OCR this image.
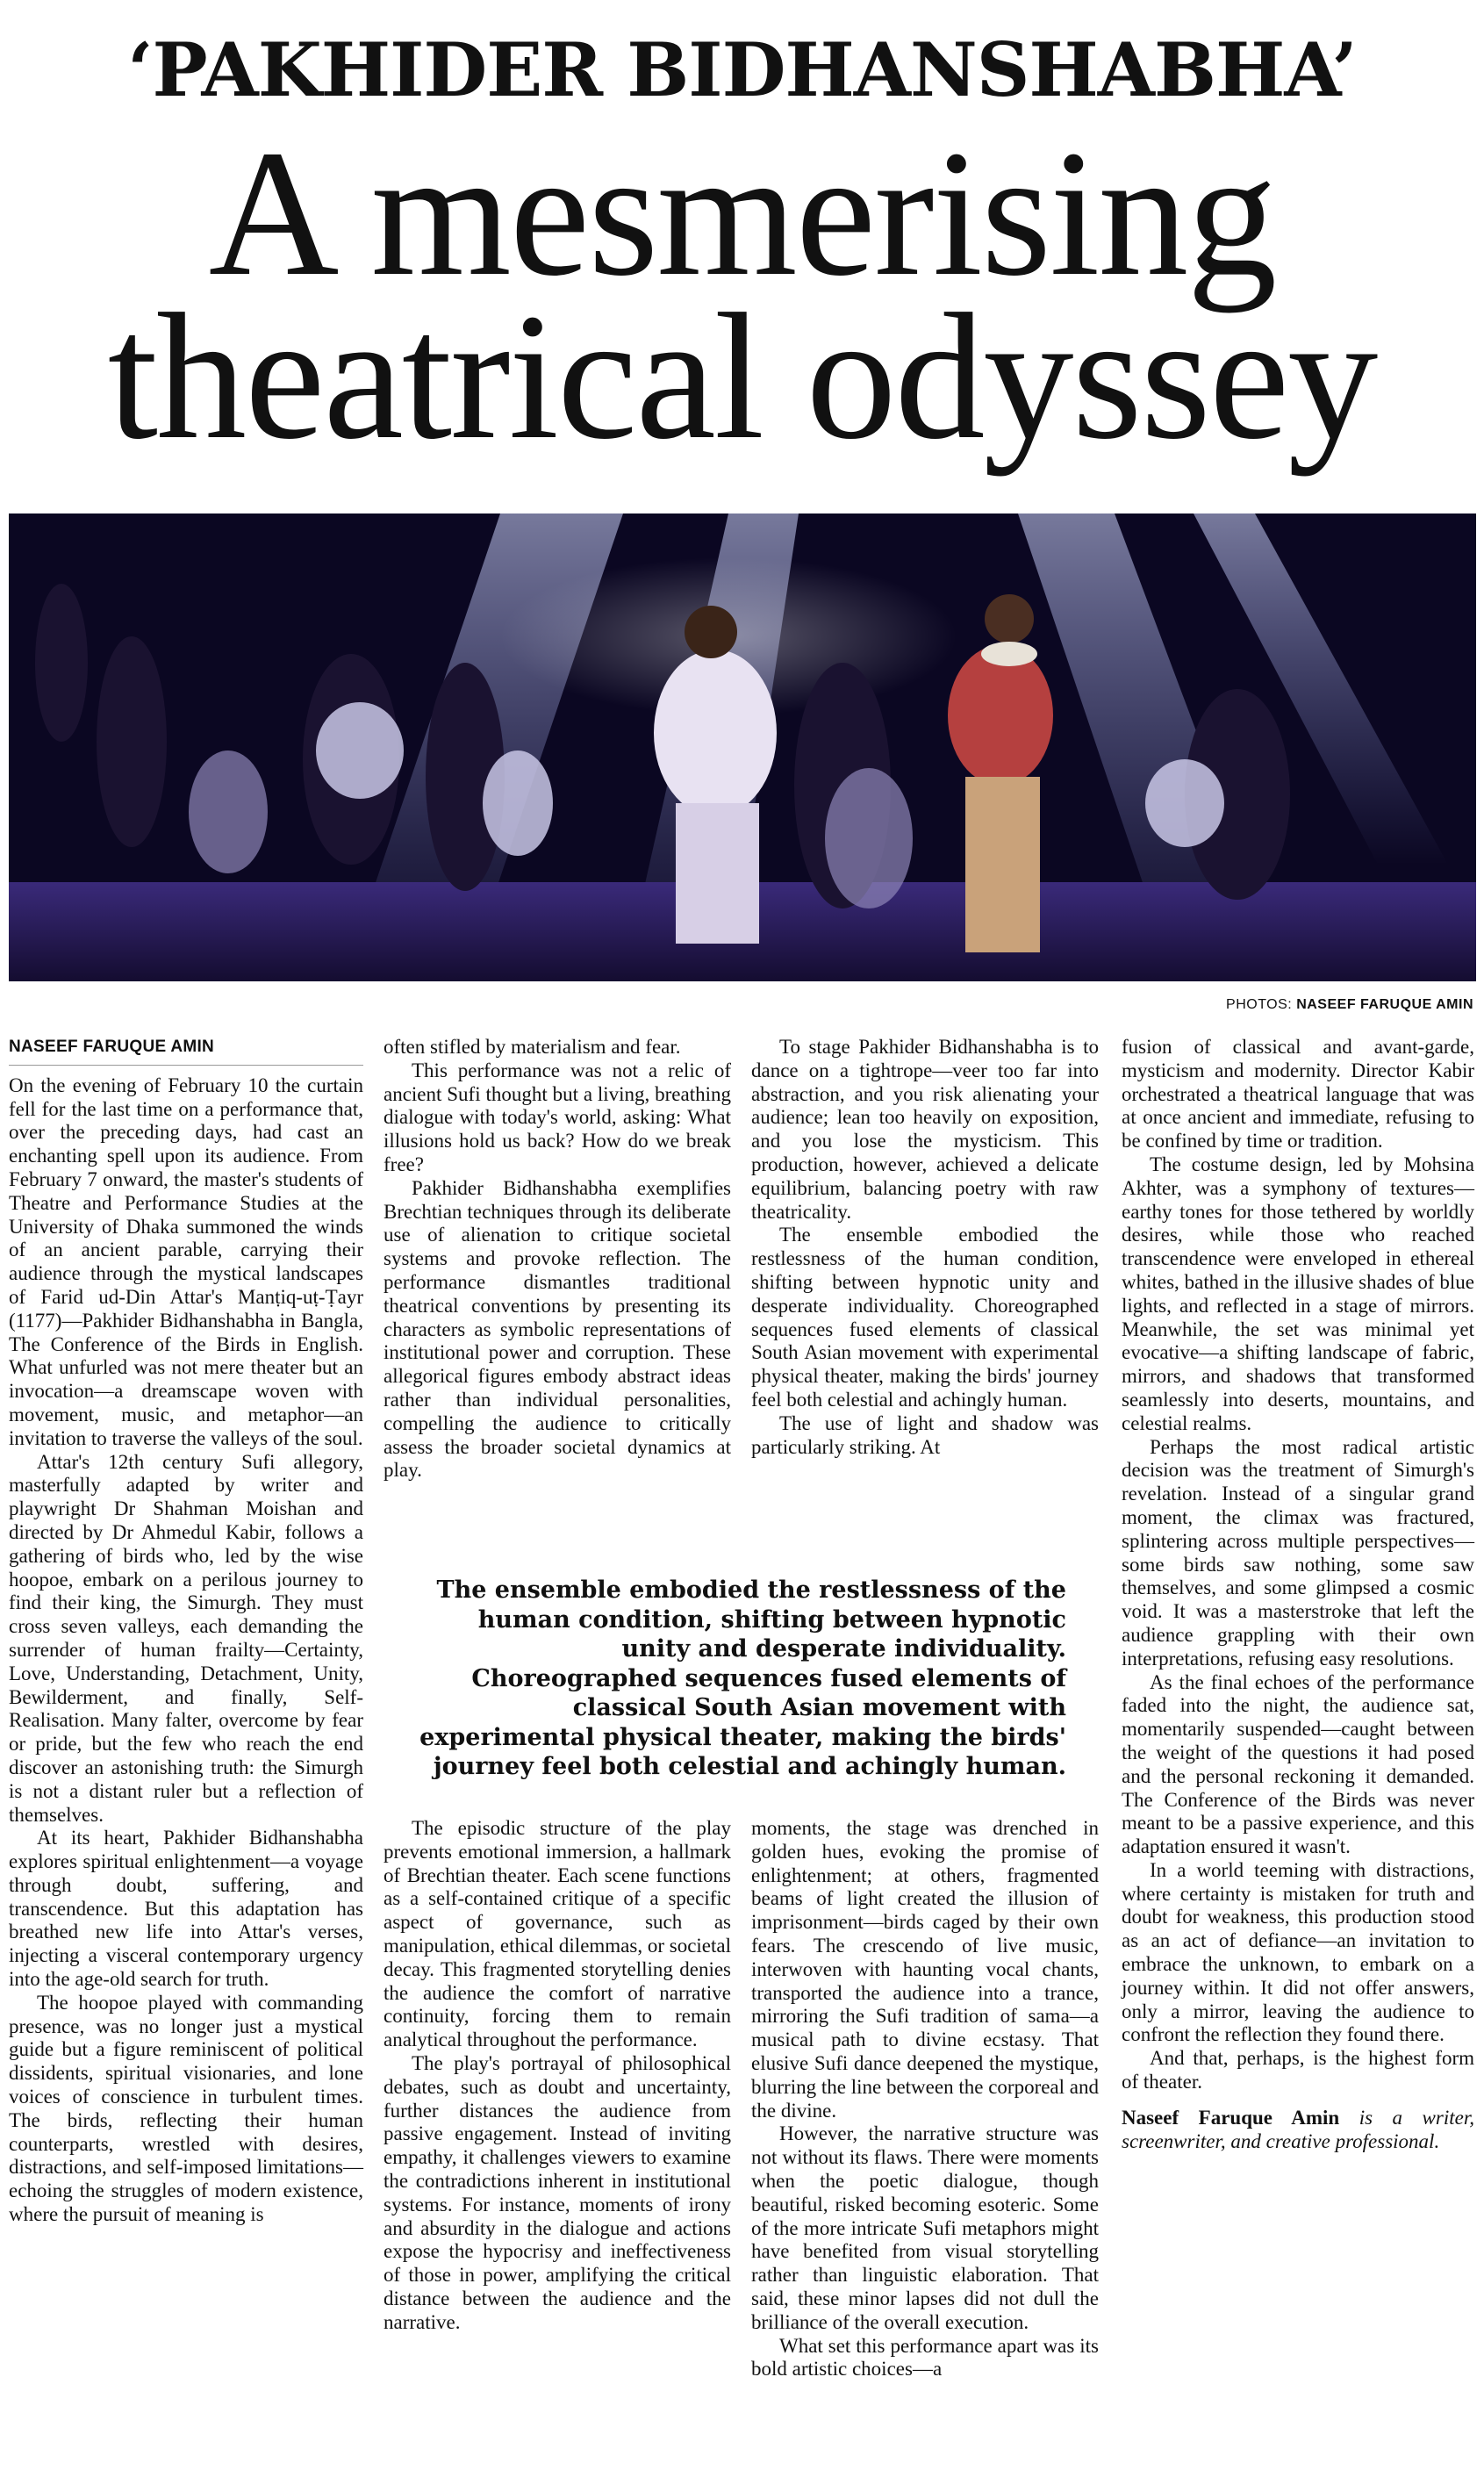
‘PAKHIDER BIDHANSHABHA’
A mesmerising
theatrical odyssey
PHOTOS: NASEEF FARUQUE AMIN
NASEEF FARUQUE AMIN

On the evening of February 10 the curtain fell for the last time on a performance that, over the preceding days, had cast an enchanting spell upon its audience. From February 7 onward, the master's students of Theatre and Performance Studies at the University of Dhaka summoned the winds of an ancient parable, carrying their audience through the mystical landscapes of Farid ud-Din Attar's Manṭiq-uṭ-Ṭayr (1177)—Pakhider Bidhanshabha in Bangla, The Conference of the Birds in English. What unfurled was not mere theater but an invocation—a dreamscape woven with movement, music, and metaphor—an invitation to traverse the valleys of the soul.

Attar's 12th century Sufi allegory, masterfully adapted by writer and playwright Dr Shahman Moishan and directed by Dr Ahmedul Kabir, follows a gathering of birds who, led by the wise hoopoe, embark on a perilous journey to find their king, the Simurgh. They must cross seven valleys, each demanding the surrender of human frailty—Certainty, Love, Understanding, Detachment, Unity, Bewilderment, and finally, Self-Realisation. Many falter, overcome by fear or pride, but the few who reach the end discover an astonishing truth: the Simurgh is not a distant ruler but a reflection of themselves.

At its heart, Pakhider Bidhanshabha explores spiritual enlightenment—a voyage through doubt, suffering, and transcendence. But this adaptation has breathed new life into Attar's verses, injecting a visceral contemporary urgency into the age-old search for truth.

The hoopoe played with commanding presence, was no longer just a mystical guide but a figure reminiscent of political dissidents, spiritual visionaries, and lone voices of conscience in turbulent times. The birds, reflecting their human counterparts, wrestled with desires, distractions, and self-imposed limitations—echoing the struggles of modern existence, where the pursuit of meaning is

often stifled by materialism and fear.

This performance was not a relic of ancient Sufi thought but a living, breathing dialogue with today's world, asking: What illusions hold us back? How do we break free?

Pakhider Bidhanshabha exemplifies Brechtian techniques through its deliberate use of alienation to critique societal systems and provoke reflection. The performance dismantles traditional theatrical conventions by presenting its characters as symbolic representations of institutional power and corruption. These allegorical figures embody abstract ideas rather than individual personalities, compelling the audience to critically assess the broader societal dynamics at play.

To stage Pakhider Bidhanshabha is to dance on a tightrope—veer too far into abstraction, and you risk alienating your audience; lean too heavily on exposition, and you lose the mysticism. This production, however, achieved a delicate equilibrium, balancing poetry with raw theatricality.

The ensemble embodied the restlessness of the human condition, shifting between hypnotic unity and desperate individuality. Choreographed sequences fused elements of classical South Asian movement with experimental physical theater, making the birds' journey feel both celestial and achingly human.

The use of light and shadow was particularly striking. At

The ensemble embodied the restlessness of the human condition, shifting between hypnotic unity and desperate individuality. Choreographed sequences fused elements of classical South Asian movement with experimental physical theater, making the birds' journey feel both celestial and achingly human.

The episodic structure of the play prevents emotional immersion, a hallmark of Brechtian theater. Each scene functions as a self-contained critique of a specific aspect of governance, such as manipulation, ethical dilemmas, or societal decay. This fragmented storytelling denies the audience the comfort of narrative continuity, forcing them to remain analytical throughout the performance.

The play's portrayal of philosophical debates, such as doubt and uncertainty, further distances the audience from passive engagement. Instead of inviting empathy, it challenges viewers to examine the contradictions inherent in institutional systems. For instance, moments of irony and absurdity in the dialogue and actions expose the hypocrisy and ineffectiveness of those in power, amplifying the critical distance between the audience and the narrative.

moments, the stage was drenched in golden hues, evoking the promise of enlightenment; at others, fragmented beams of light created the illusion of imprisonment—birds caged by their own fears. The crescendo of live music, interwoven with haunting vocal chants, transported the audience into a trance, mirroring the Sufi tradition of sama—a musical path to divine ecstasy. That elusive Sufi dance deepened the mystique, blurring the line between the corporeal and the divine.

However, the narrative structure was not without its flaws. There were moments when the poetic dialogue, though beautiful, risked becoming esoteric. Some of the more intricate Sufi metaphors might have benefited from visual storytelling rather than linguistic elaboration. That said, these minor lapses did not dull the brilliance of the overall execution.

What set this performance apart was its bold artistic choices—a

fusion of classical and avant-garde, mysticism and modernity. Director Kabir orchestrated a theatrical language that was at once ancient and immediate, refusing to be confined by time or tradition.

The costume design, led by Mohsina Akhter, was a symphony of textures—earthy tones for those tethered by worldly desires, while those who reached transcendence were enveloped in ethereal whites, bathed in the illusive shades of blue lights, and reflected in a stage of mirrors. Meanwhile, the set was minimal yet evocative—a shifting landscape of fabric, mirrors, and shadows that transformed seamlessly into deserts, mountains, and celestial realms.

Perhaps the most radical artistic decision was the treatment of Simurgh's revelation. Instead of a singular grand moment, the climax was fractured, splintering across multiple perspectives—some birds saw nothing, some saw themselves, and some glimpsed a cosmic void. It was a masterstroke that left the audience grappling with their own interpretations, refusing easy resolutions.

As the final echoes of the performance faded into the night, the audience sat, momentarily suspended—caught between the weight of the questions it had posed and the personal reckoning it demanded. The Conference of the Birds was never meant to be a passive experience, and this adaptation ensured it wasn't.

In a world teeming with distractions, where certainty is mistaken for truth and doubt for weakness, this production stood as an act of defiance—an invitation to embrace the unknown, to embark on a journey within. It did not offer answers, only a mirror, leaving the audience to confront the reflection they found there.

And that, perhaps, is the highest form of theater.

Naseef Faruque Amin is a writer, screenwriter, and creative professional.
